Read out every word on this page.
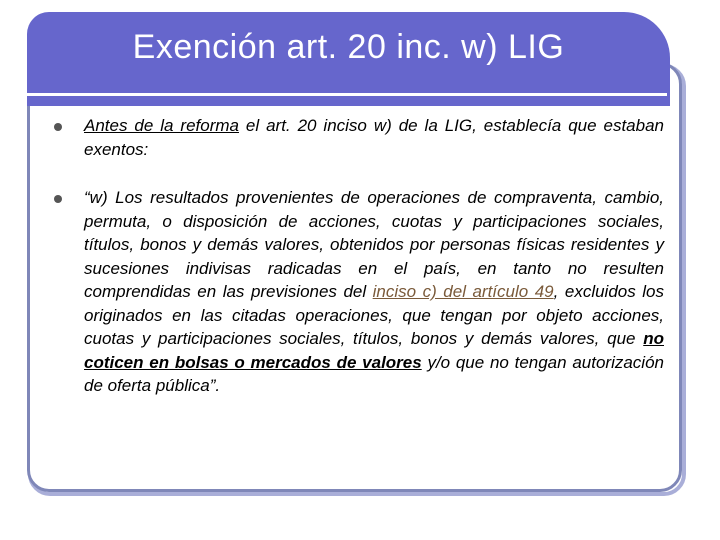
Exención art. 20 inc. w) LIG
Antes de la reforma el art. 20 inciso w) de la LIG, establecía que estaban exentos:
“w) Los resultados provenientes de operaciones de compraventa, cambio, permuta, o disposición de acciones, cuotas y participaciones sociales, títulos, bonos y demás valores, obtenidos por personas físicas residentes y sucesiones indivisas radicadas en el país, en tanto no resulten comprendidas en las previsiones del inciso c) del artículo 49, excluidos los originados en las citadas operaciones, que tengan por objeto acciones, cuotas y participaciones sociales, títulos, bonos y demás valores, que no coticen en bolsas o mercados de valores y/o que no tengan autorización de oferta pública”.
